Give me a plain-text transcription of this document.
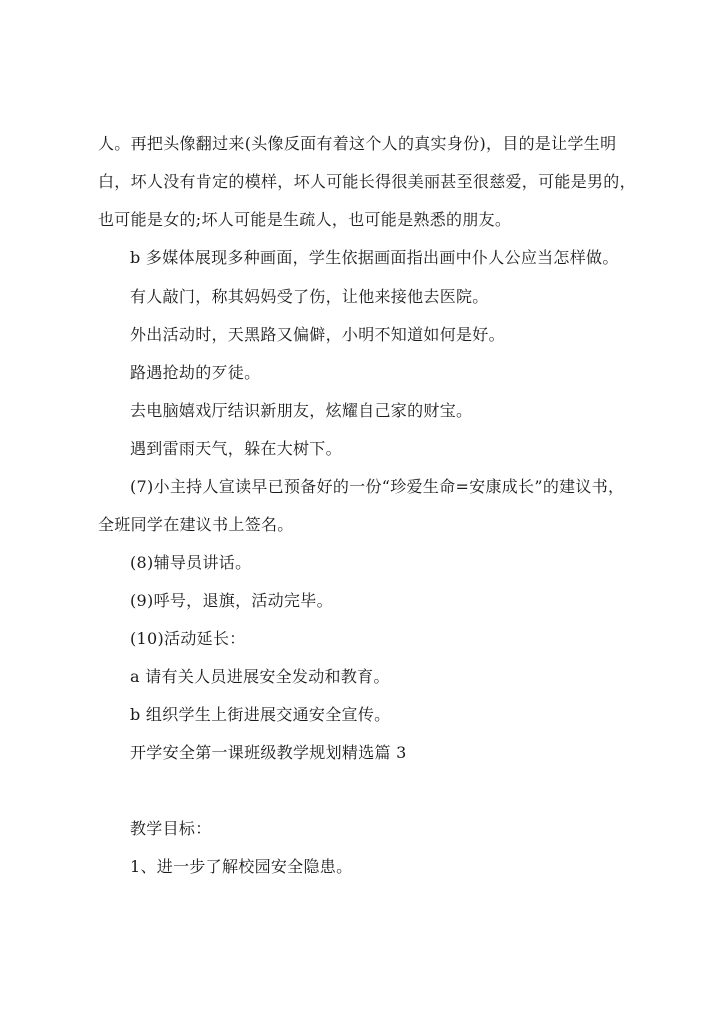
人。再把头像翻过来(头像反面有着这个人的真实身份)，目的是让学生明
白，坏人没有肯定的模样，坏人可能长得很美丽甚至很慈爱，可能是男的，
也可能是女的;坏人可能是生疏人，也可能是熟悉的朋友。
b 多媒体展现多种画面，学生依据画面指出画中仆人公应当怎样做。
有人敲门，称其妈妈受了伤，让他来接他去医院。
外出活动时，天黑路又偏僻，小明不知道如何是好。
路遇抢劫的歹徒。
去电脑嬉戏厅结识新朋友，炫耀自己家的财宝。
遇到雷雨天气，躲在大树下。
(7)小主持人宣读早已预备好的一份“珍爱生命=安康成长”的建议书，
全班同学在建议书上签名。
(8)辅导员讲话。
(9)呼号，退旗，活动完毕。
(10)活动延长：
a 请有关人员进展安全发动和教育。
b 组织学生上街进展交通安全宣传。
开学安全第一课班级教学规划精选篇 3
教学目标：
1、进一步了解校园安全隐患。
